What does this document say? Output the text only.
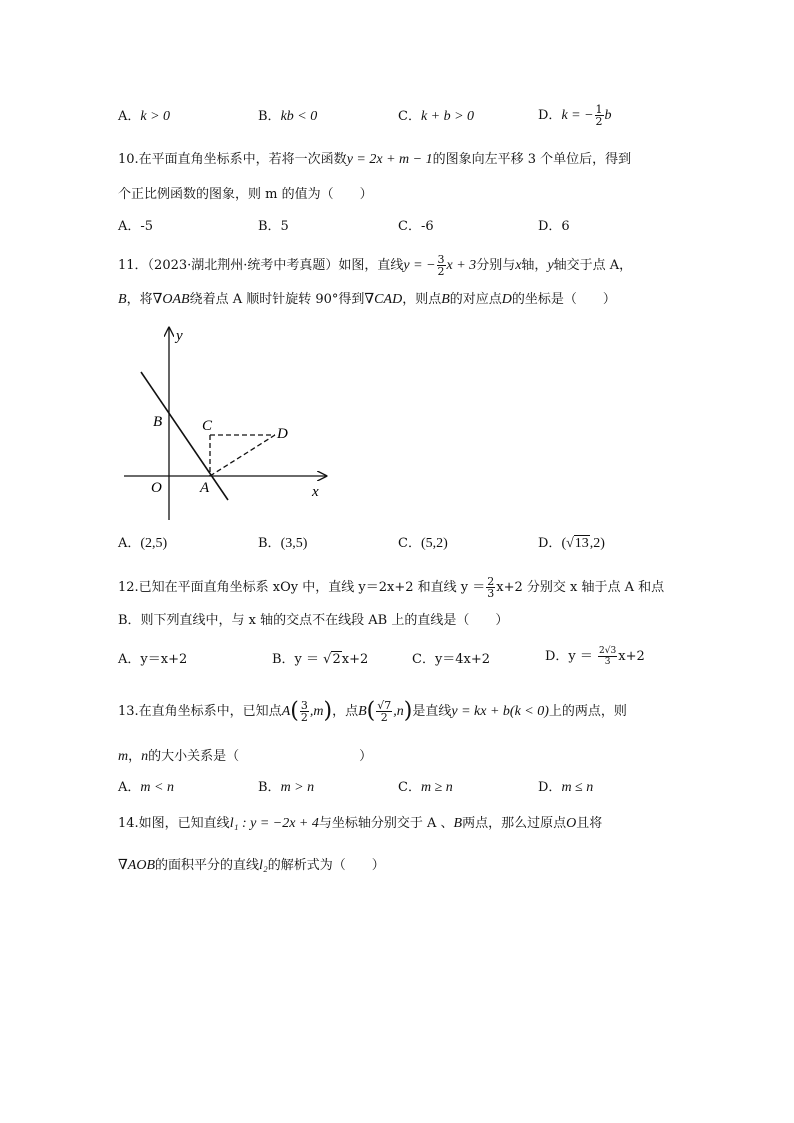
A．k > 0	B．kb < 0	C．k + b > 0	D．k = − $\frac{1}{2}$ b
10.在平面直角坐标系中，若将一次函数y = 2x + m − 1的图象向左平移 3 个单位后，得到
个正比例函数的图象，则 m 的值为（　　）
A．-5	B．5	C．-6	D．6
11．（2023·湖北荆州·统考中考真题）如图，直线y = − $\frac{3}{2}$ x + 3分别与x轴，y轴交于点 A，
B，将∇OAB绕着点 A 顺时针旋转 90°得到∇CAD，则点B的对应点D的坐标是（　　）
y
x
B	C	D
O	A
A．(2,5)	B．(3,5)	C．(5,2)	D．(√13,2)
12.已知在平面直角坐标系 xOy 中，直线 y＝2x+2 和直线 $y = \frac{2}{3} x+2$ 分别交 x 轴于点 A 和点
B．则下列直线中，与 x 轴的交点不在线段 AB 上的直线是（　　）
A．y＝x+2	B．y ＝ √2x+2	C．y＝4x+2	D．$y = \frac{2√3}{3} x+2$
13.在直角坐标系中，已知点$A( \frac{3}{2} ,m)$，点$B( \frac{√7}{2} ,n)$是直线y = kx + b(k < 0)上的两点，则
m，n的大小关系是（	）
A．m < n	B．m > n	C．m ≥ n	D．m ≤ n
14.如图，已知直线l₁ : y = −2x + 4与坐标轴分别交于 A 、B两点，那么过原点O且将
∇AOB的面积平分的直线l₂的解析式为（　　）
